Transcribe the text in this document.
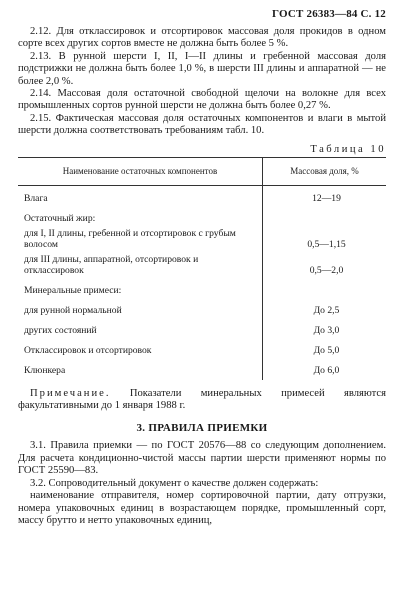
ГОСТ 26383—84 С. 12

2.12. Для отклассировок и отсортировок массовая доля прокидов в одном сорте всех других сортов вместе не должна быть более 5 %.

2.13. В рунной шерсти I, II, I—II длины и гребенной массовая доля подстрижки не должна быть более 1,0 %, в шерсти III длины и аппаратной — не более 2,0 %.

2.14. Массовая доля остаточной свободной щелочи на волокне для всех промышленных сортов рунной шерсти не должна быть более 0,27 %.

2.15. Фактическая массовая доля остаточных компонентов и влаги в мытой шерсти должна соответствовать требованиям табл. 10.

Таблица 10
Наименование остаточных компонентов	Массовая доля, %
Влага	12—19
Остаточный жир:	
для I, II длины, гребенной и отсортировок с грубым волосом	0,5—1,15
для III длины, аппаратной, отсортировок и отклассировок	0,5—2,0
Минеральные примеси:	
для рунной нормальной	До 2,5
других состояний	До 3,0
Отклассировок и отсортировок	До 5,0
Клюнкера	До 6,0

Примечание. Показатели минеральных примесей являются факультативными до 1 января 1988 г.

3. ПРАВИЛА ПРИЕМКИ

3.1. Правила приемки — по ГОСТ 20576—88 со следующим дополнением. Для расчета кондиционно-чистой массы партии шерсти применяют нормы по ГОСТ 25590—83.

3.2. Сопроводительный документ о качестве должен содержать:

наименование отправителя, номер сортировочной партии, дату отгрузки, номера упаковочных единиц в возрастающем порядке, промышленный сорт, массу брутто и нетто упаковочных единиц,
